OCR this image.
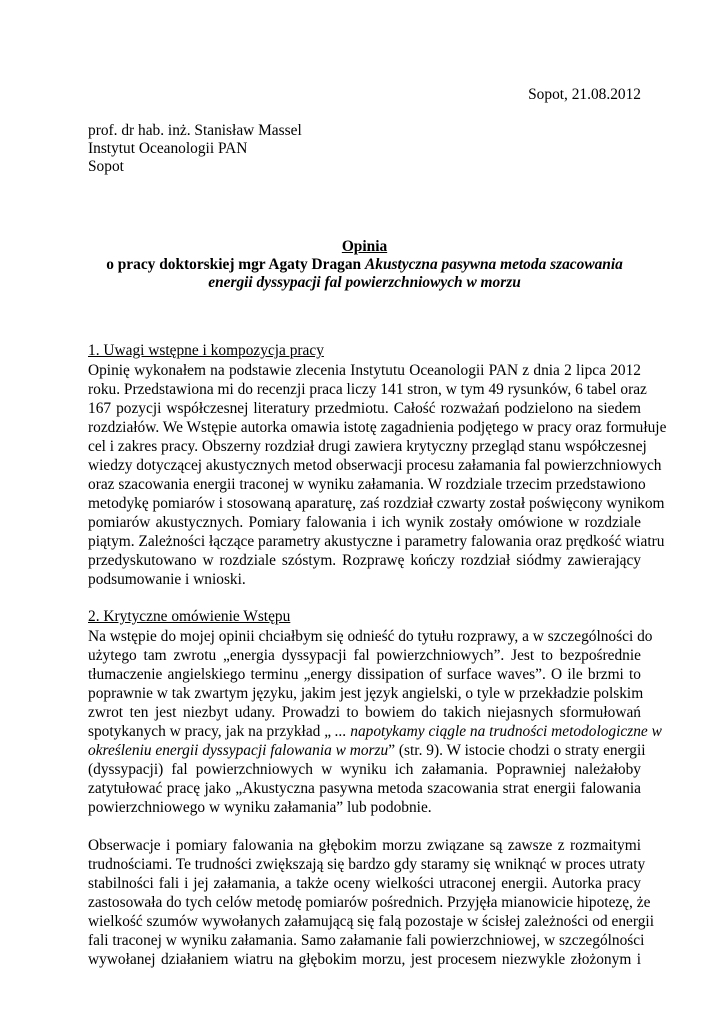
Sopot, 21.08.2012
prof. dr hab. inż. Stanisław Massel
Instytut Oceanologii PAN
Sopot
Opinia
o pracy doktorskiej mgr Agaty Dragan Akustyczna pasywna metoda szacowania
energii dyssypacji fal powierzchniowych w morzu
1. Uwagi wstępne i kompozycja pracy
Opinię wykonałem na podstawie zlecenia Instytutu Oceanologii PAN z dnia 2 lipca 2012
roku. Przedstawiona mi do recenzji praca liczy 141 stron, w tym 49 rysunków, 6 tabel oraz
167 pozycji współczesnej literatury przedmiotu. Całość rozważań podzielono na siedem
rozdziałów. We Wstępie autorka omawia istotę zagadnienia podjętego w pracy oraz formułuje
cel i zakres pracy. Obszerny rozdział drugi zawiera krytyczny przegląd stanu współczesnej
wiedzy dotyczącej akustycznych metod obserwacji procesu załamania fal powierzchniowych
oraz szacowania energii traconej w wyniku załamania. W rozdziale trzecim przedstawiono
metodykę pomiarów i stosowaną aparaturę, zaś rozdział czwarty został poświęcony wynikom
pomiarów akustycznych. Pomiary falowania i ich wynik zostały omówione w rozdziale
piątym. Zależności łączące parametry akustyczne i parametry falowania oraz prędkość wiatru
przedyskutowano w rozdziale szóstym. Rozprawę kończy rozdział siódmy zawierający
podsumowanie i wnioski.
2. Krytyczne omówienie Wstępu
Na wstępie do mojej opinii chciałbym się odnieść do tytułu rozprawy, a w szczególności do
użytego tam zwrotu „energia dyssypacji fal powierzchniowych”. Jest to bezpośrednie
tłumaczenie angielskiego terminu „energy dissipation of surface waves”. O ile brzmi to
poprawnie w tak zwartym języku, jakim jest język angielski, o tyle w przekładzie polskim
zwrot ten jest niezbyt udany. Prowadzi to bowiem do takich niejasnych sformułowań
spotykanych w pracy, jak na przykład „ ... napotykamy ciągle na trudności metodologiczne w
określeniu energii dyssypacji falowania w morzu” (str. 9). W istocie chodzi o straty energii
(dyssypacji) fal powierzchniowych w wyniku ich załamania. Poprawniej należałoby
zatytułować pracę jako „Akustyczna pasywna metoda szacowania strat energii falowania
powierzchniowego w wyniku załamania” lub podobnie.
Obserwacje i pomiary falowania na głębokim morzu związane są zawsze z rozmaitymi
trudnościami. Te trudności zwiększają się bardzo gdy staramy się wniknąć w proces utraty
stabilności fali i jej załamania, a także oceny wielkości utraconej energii. Autorka pracy
zastosowała do tych celów metodę pomiarów pośrednich. Przyjęła mianowicie hipotezę, że
wielkość szumów wywołanych załamującą się falą pozostaje w ścisłej zależności od energii
fali traconej w wyniku załamania. Samo załamanie fali powierzchniowej, w szczególności
wywołanej działaniem wiatru na głębokim morzu, jest procesem niezwykle złożonym i
